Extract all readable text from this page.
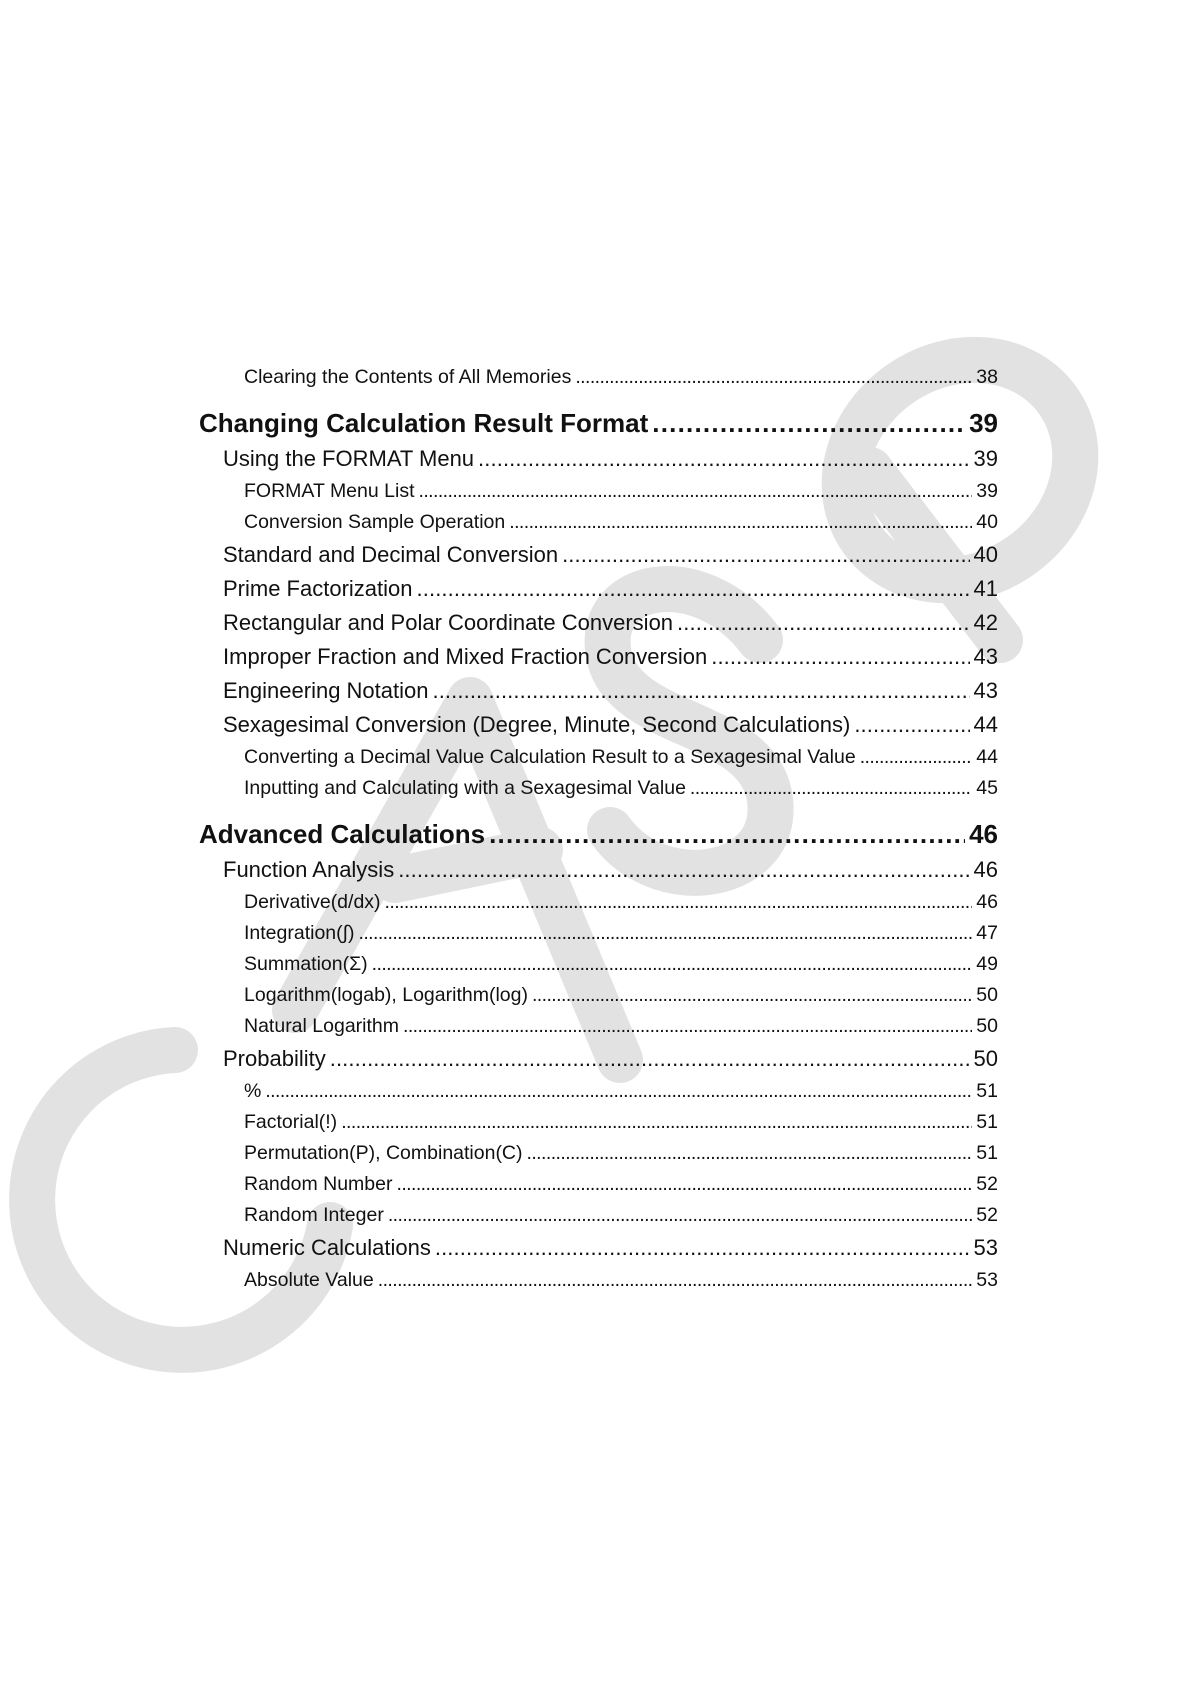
Clearing the Contents of All Memories . . .	38
Changing Calculation Result Format . . .	39
Using the FORMAT Menu . . .	39
FORMAT Menu List . . .	39
Conversion Sample Operation . . .	40
Standard and Decimal Conversion . . .	40
Prime Factorization . . .	41
Rectangular and Polar Coordinate Conversion . . .	42
Improper Fraction and Mixed Fraction Conversion . . .	43
Engineering Notation . . .	43
Sexagesimal Conversion (Degree, Minute, Second Calculations) . . .	44
Converting a Decimal Value Calculation Result to a Sexagesimal Value . . .	44
Inputting and Calculating with a Sexagesimal Value . . .	45
Advanced Calculations . . .	46
Function Analysis . . .	46
Derivative(d/dx) . . .	46
Integration(∫) . . .	47
Summation(Σ) . . .	49
Logarithm(logab), Logarithm(log) . . .	50
Natural Logarithm . . .	50
Probability . . .	50
% . . .	51
Factorial(!) . . .	51
Permutation(P), Combination(C) . . .	51
Random Number . . .	52
Random Integer . . .	52
Numeric Calculations . . .	53
Absolute Value . . .	53
